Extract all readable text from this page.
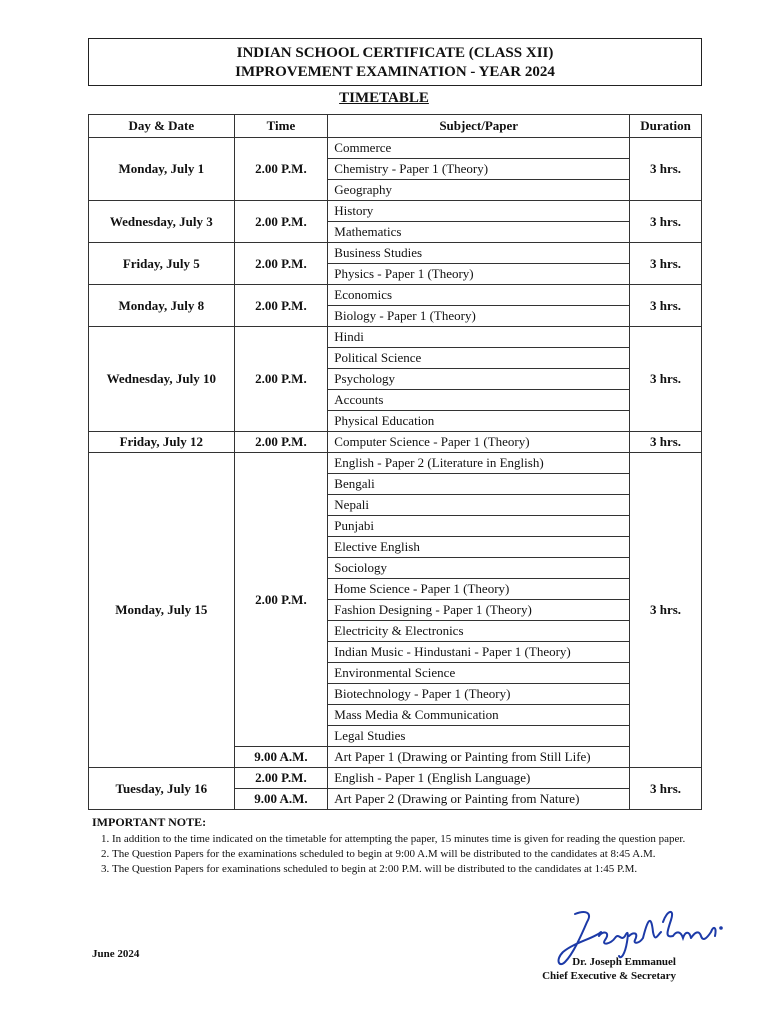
INDIAN SCHOOL CERTIFICATE (CLASS XII)
IMPROVEMENT EXAMINATION - YEAR 2024
TIMETABLE
Day & Date	Time	Subject/Paper	Duration
Monday, July 1	2.00 P.M.	Commerce	3 hrs.
		Chemistry - Paper 1 (Theory)	
		Geography	
Wednesday, July 3	2.00 P.M.	History	3 hrs.
		Mathematics	
Friday, July 5	2.00 P.M.	Business Studies	3 hrs.
		Physics - Paper 1 (Theory)	
Monday, July 8	2.00 P.M.	Economics	3 hrs.
		Biology - Paper 1 (Theory)	
Wednesday, July 10	2.00 P.M.	Hindi	3 hrs.
		Political Science	
		Psychology	
		Accounts	
		Physical Education	
Friday, July 12	2.00 P.M.	Computer Science - Paper 1 (Theory)	3 hrs.
Monday, July 15	2.00 P.M.	English - Paper 2 (Literature in English)	3 hrs.
		Bengali	
		Nepali	
		Punjabi	
		Elective English	
		Sociology	
		Home Science - Paper 1 (Theory)	
		Fashion Designing - Paper 1 (Theory)	
		Electricity & Electronics	
		Indian Music - Hindustani - Paper 1 (Theory)	
		Environmental Science	
		Biotechnology - Paper 1 (Theory)	
		Mass Media & Communication	
		Legal Studies	
	9.00 A.M.	Art Paper 1 (Drawing or Painting from Still Life)	
Tuesday, July 16	2.00 P.M.	English - Paper 1 (English Language)	3 hrs.
	9.00 A.M.	Art Paper 2 (Drawing or Painting from Nature)	
IMPORTANT NOTE:
1. In addition to the time indicated on the timetable for attempting the paper, 15 minutes time is given for reading the question paper.
2. The Question Papers for the examinations scheduled to begin at 9:00 A.M will be distributed to the candidates at 8:45 A.M.
3. The Question Papers for examinations scheduled to begin at 2:00 P.M. will be distributed to the candidates at 1:45 P.M.
June 2024
Dr. Joseph Emmanuel
Chief Executive & Secretary
